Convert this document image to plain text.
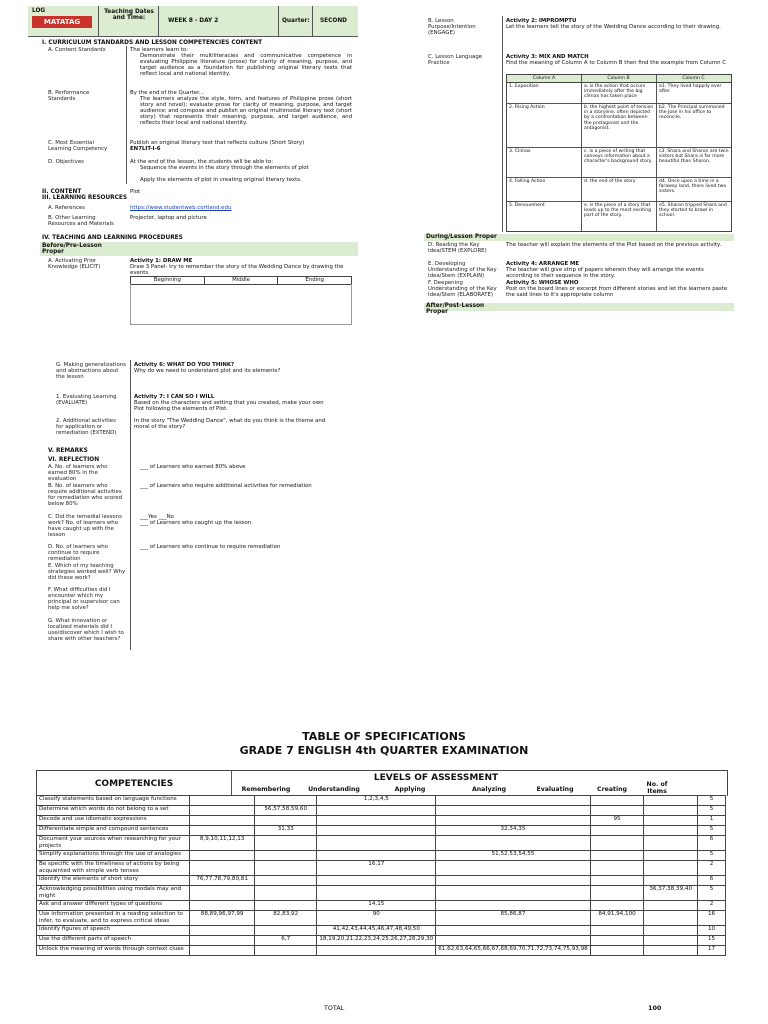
LOG
MATATAG
Teaching Dates and Time:	WEEK 8 - DAY 2	Quarter: SECOND
I. CURRICULUM STANDARDS AND LESSON COMPETENCIES CONTENT
A. Content Standards	The learners learn to:
Demonstrate their multiliteracies and communicative competence in evaluating Philippine literature (prose) for clarity of meaning, purpose, and target audience as a foundation for publishing original literary texts that reflect local and national identity.
B. Performance Standards
By the end of the Quarter...
The learners analyze the style, form, and features of Philippine prose (short story and novel); evaluate prose for clarity of meaning, purpose, and target audience; and compose and publish an original multimodal literary text (short story) that represents their meaning, purpose, and target audience, and reflects their local and national identity.
C. Most Essential Learning Competency
Publish an original literary text that reflects culture (Short Story)
EN7LIT-I-6
D. Objectives	At the end of the lesson, the students will be able to:
Sequence the events in the story through the elements of plot
Apply the elements of plot in creating original literary texts.
II. CONTENT	Plot
III. LEARNING RESOURCES
A. References	https://www.studentweb.cortland.edu
B. Other Learning Resources and Materials
Projector, laptop and picture
IV. TEACHING AND LEARNING PROCEDURES
Before/Pre-Lesson Proper
A. Activating Prior Knowledge (ELICIT)
Activity 1: DRAW ME
Draw 3 Panel- try to remember the story of the Wedding Dance by drawing the events.
Beginning	Middle	Ending
B. Lesson Purpose/Intention (ENGAGE)
Activity 2: IMPROMPTU
Let the learners tell the story of the Wedding Dance according to their drawing.
C. Lesson Language Practice
Activity 3: MIX AND MATCH
Find the meaning of Column A to Column B then find the example from Column C
Column A	Column B	Column C
1. Exposition	a. is the action that occurs immediately after the big climax has taken place
a1. They lived happily ever after
2. Rising Action	b. the highest point of tension in a storyline, often depicted by a confrontation between the protagonist and the antagonist.
b2. The Principal summoned the Jose in his office to reconcile.
3. Climax	c. is a piece of writing that conveys information about a character's background story.
c3. Shara and Sharon are twin sisters but Shara is far more beautiful than Sharon.
4. Falling Action	d. the end of the story	d4. Once upon a time in a faraway land, there lived two sisters.
5. Denouement	e. is the piece of a story that leads up to the most exciting part of the story.
e5. Sharon tripped Shara and they started to brawl in school.
During/Lesson Proper
D. Reading the Key Idea/STEM (EXPLORE)
The teacher will explain the elements of the Plot based on the previous activity.
E. Developing Understanding of the Key Idea/Stem (EXPLAIN)
Activity 4: ARRANGE ME
The teacher will give strip of papers wherein they will arrange the events according to their sequence in the story.
F. Deepening Understanding of the Key Idea/Stem (ELABORATE)
Activity 5: WHOSE WHO
Post on the board lines or excerpt from different stories and let the learners paste the said lines to it's appropriate column
After/Post-Lesson Proper
G. Making generalizations and abstractions about the lesson
Activity 6: WHAT DO YOU THINK?
Why do we need to understand plot and its elements?
1. Evaluating Learning (EVALUATE)
Activity 7: I CAN SO I WILL
Based on the characters and setting that you created, make your own Plot following the elements of Plot.
2. Additional activities for application or remediation (EXTEND)
In the story "The Wedding Dance", what do you think is the theme and moral of the story?
V. REMARKS
VI. REFLECTION
A. No. of learners who earned 80% in the evaluation
___ of Learners who earned 80% above
B. No. of learners who require additional activities for remediation who scored below 80%
___ of Learners who require additional activities for remediation
C. Did the remedial lessons work? No. of learners who have caught up with the lesson
___Yes ___No
___ of Learners who caught up the lesson
D. No. of learners who continue to require remediation
___ of Learners who continue to require remediation
E. Which of my teaching strategies worked well? Why did these work?
F. What difficulties did I encounter which my principal or supervisor can help me solve?
G. What innovation or localized materials did I use/discover which I wish to share with other teachers?
TABLE OF SPECIFICATIONS
GRADE 7 ENGLISH 4th QUARTER EXAMINATION
COMPETENCIES
LEVELS OF ASSESSMENT
Remembering	Understanding	Applying	Analyzing	Evaluating	Creating
No. of Items
Classify statements based on language functions			1,2,3,4,5				5
Determine which words do not belong to a set		56,57,58,59,60					5
Decode and use idiomatic expressions					95		1
Differentiate simple and compound sentences		31,33		32,34,35			5
Document your sources when researching for your projects	8,9,10,11,12,13						6
Simplify explanations through the use of analogies				51,52,53,54,55			5
Be specific with the timeliness of actions by being acquainted with simple verb tenses			16,17				2
Identify the elements of short story	76,77,78,79,80,81						6
Acknowledging possibilities using modals may and might						36,37,38,39,40	5
Ask and answer different types of questions			14,15				2
Use information presented in a reading selection to infer, to evaluate, and to express critical ideas	88,89,96,97,99	82,83,92	90	85,86,87	84,91,94,100		16
Identify figures of speech			41,42,43,44,45,46,47,48,49,50				10
Use the different parts of speech		6,7	18,19,20,21,22,23,24,25,26,27,28,29,30				15
Unlock the meaning of words through context clues				61,62,63,64,65,66,67,68,69,70,71,72,73,74,75,93,98			17
TOTAL	100
